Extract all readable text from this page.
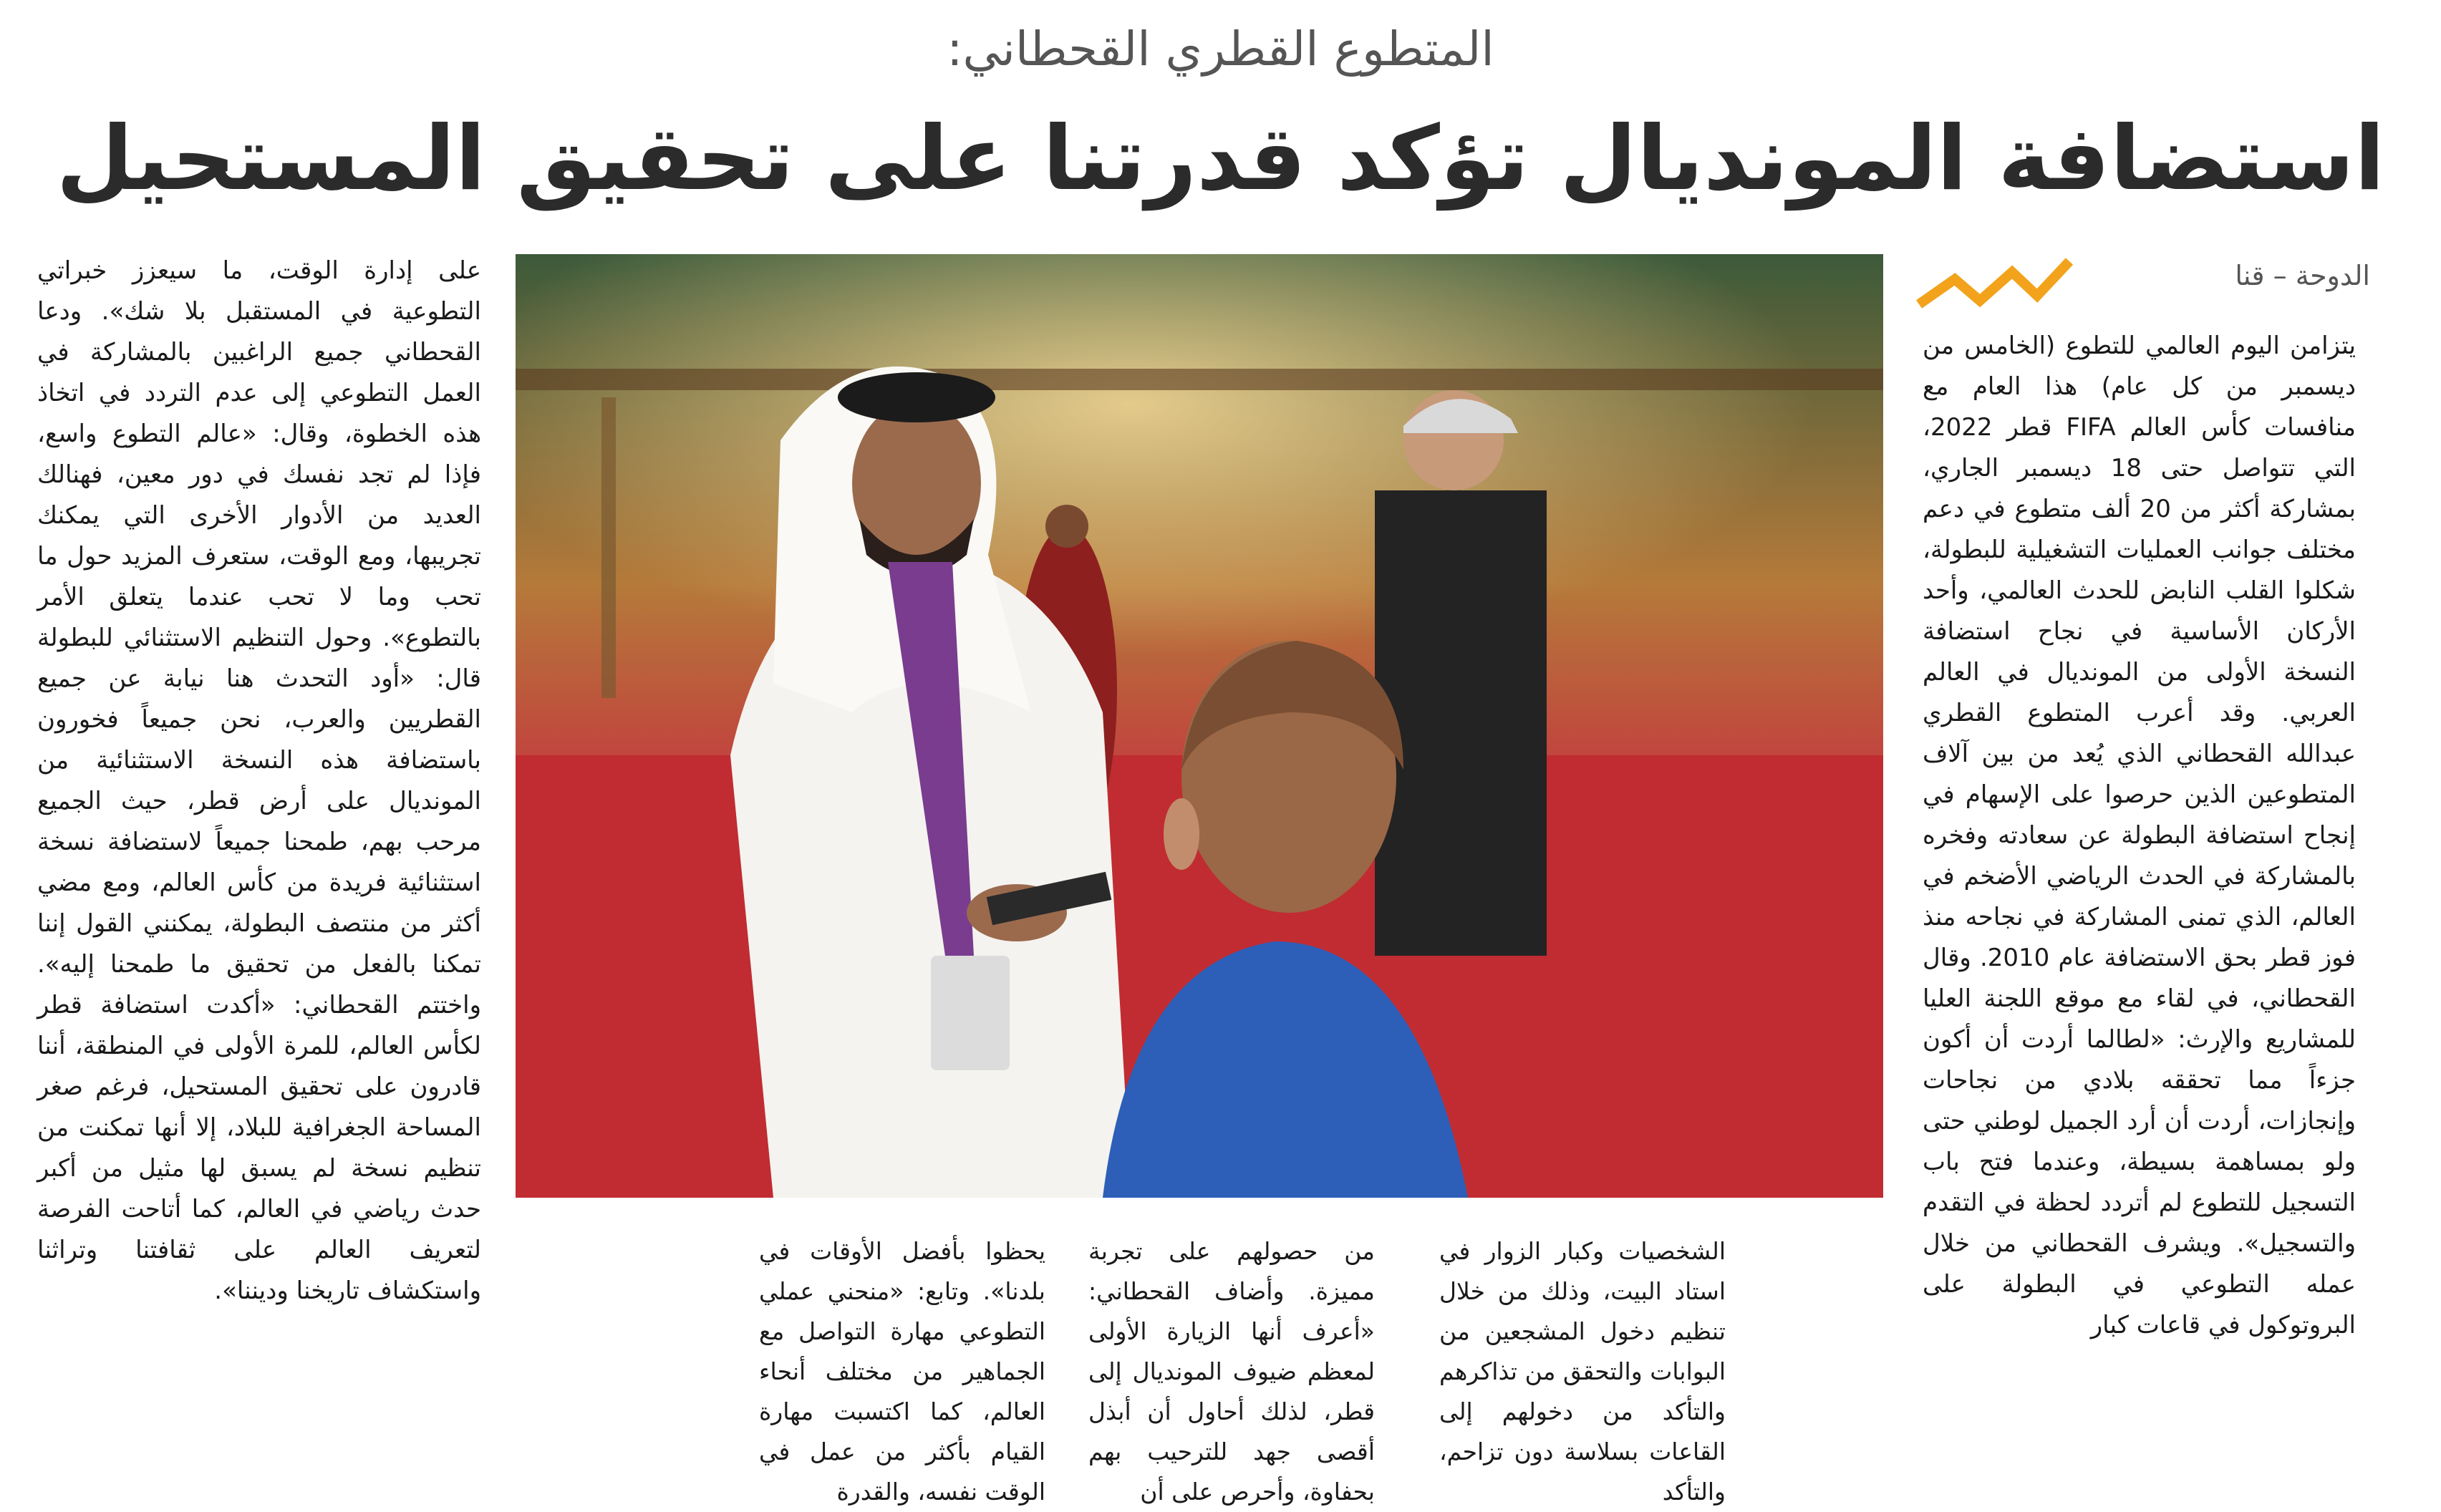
المتطوع القطري القحطاني:
استضافة المونديال تؤكد قدرتنا على تحقيق المستحيل
الدوحة – قنا
يتزامن اليوم العالمي للتطوع (الخامس من ديسمبر من كل عام) هذا العام مع منافسات كأس العالم FIFA قطر 2022، التي تتواصل حتى 18 ديسمبر الجاري، بمشاركة أكثر من 20 ألف متطوع في دعم مختلف جوانب العمليات التشغيلية للبطولة، شكلوا القلب النابض للحدث العالمي، وأحد الأركان الأساسية في نجاح استضافة النسخة الأولى من المونديال في العالم العربي. وقد أعرب المتطوع القطري عبدالله القحطاني الذي يُعد من بين آلاف المتطوعين الذين حرصوا على الإسهام في إنجاح استضافة البطولة عن سعادته وفخره بالمشاركة في الحدث الرياضي الأضخم في العالم، الذي تمنى المشاركة في نجاحه منذ فوز قطر بحق الاستضافة عام 2010. وقال القحطاني، في لقاء مع موقع اللجنة العليا للمشاريع والإرث: «لطالما أردت أن أكون جزءاً مما تحققه بلادي من نجاحات وإنجازات، أردت أن أرد الجميل لوطني حتى ولو بمساهمة بسيطة، وعندما فتح باب التسجيل للتطوع لم أتردد لحظة في التقدم والتسجيل». ويشرف القحطاني من خلال عمله التطوعي في البطولة على البروتوكول في قاعات كبار
الشخصيات وكبار الزوار في استاد البيت، وذلك من خلال تنظيم دخول المشجعين من البوابات والتحقق من تذاكرهم والتأكد من دخولهم إلى القاعات بسلاسة دون تزاحم، والتأكد
من حصولهم على تجربة مميزة. وأضاف القحطاني: «أعرف أنها الزيارة الأولى لمعظم ضيوف المونديال إلى قطر، لذلك أحاول أن أبذل أقصى جهد للترحيب بهم بحفاوة، وأحرص على أن
يحظوا بأفضل الأوقات في بلدنا». وتابع: «منحني عملي التطوعي مهارة التواصل مع الجماهير من مختلف أنحاء العالم، كما اكتسبت مهارة القيام بأكثر من عمل في الوقت نفسه، والقدرة
على إدارة الوقت، ما سيعزز خبراتي التطوعية في المستقبل بلا شك». ودعا القحطاني جميع الراغبين بالمشاركة في العمل التطوعي إلى عدم التردد في اتخاذ هذه الخطوة، وقال: «عالم التطوع واسع، فإذا لم تجد نفسك في دور معين، فهنالك العديد من الأدوار الأخرى التي يمكنك تجريبها، ومع الوقت، ستعرف المزيد حول ما تحب وما لا تحب عندما يتعلق الأمر بالتطوع». وحول التنظيم الاستثنائي للبطولة قال: «أود التحدث هنا نيابة عن جميع القطريين والعرب، نحن جميعاً فخورون باستضافة هذه النسخة الاستثنائية من المونديال على أرض قطر، حيث الجميع مرحب بهم، طمحنا جميعاً لاستضافة نسخة استثنائية فريدة من كأس العالم، ومع مضي أكثر من منتصف البطولة، يمكنني القول إننا تمكنا بالفعل من تحقيق ما طمحنا إليه». واختتم القحطاني: «أكدت استضافة قطر لكأس العالم، للمرة الأولى في المنطقة، أننا قادرون على تحقيق المستحيل، فرغم صغر المساحة الجغرافية للبلاد، إلا أنها تمكنت من تنظيم نسخة لم يسبق لها مثيل من أكبر حدث رياضي في العالم، كما أتاحت الفرصة لتعريف العالم على ثقافتنا وتراثنا واستكشاف تاريخنا وديننا».
